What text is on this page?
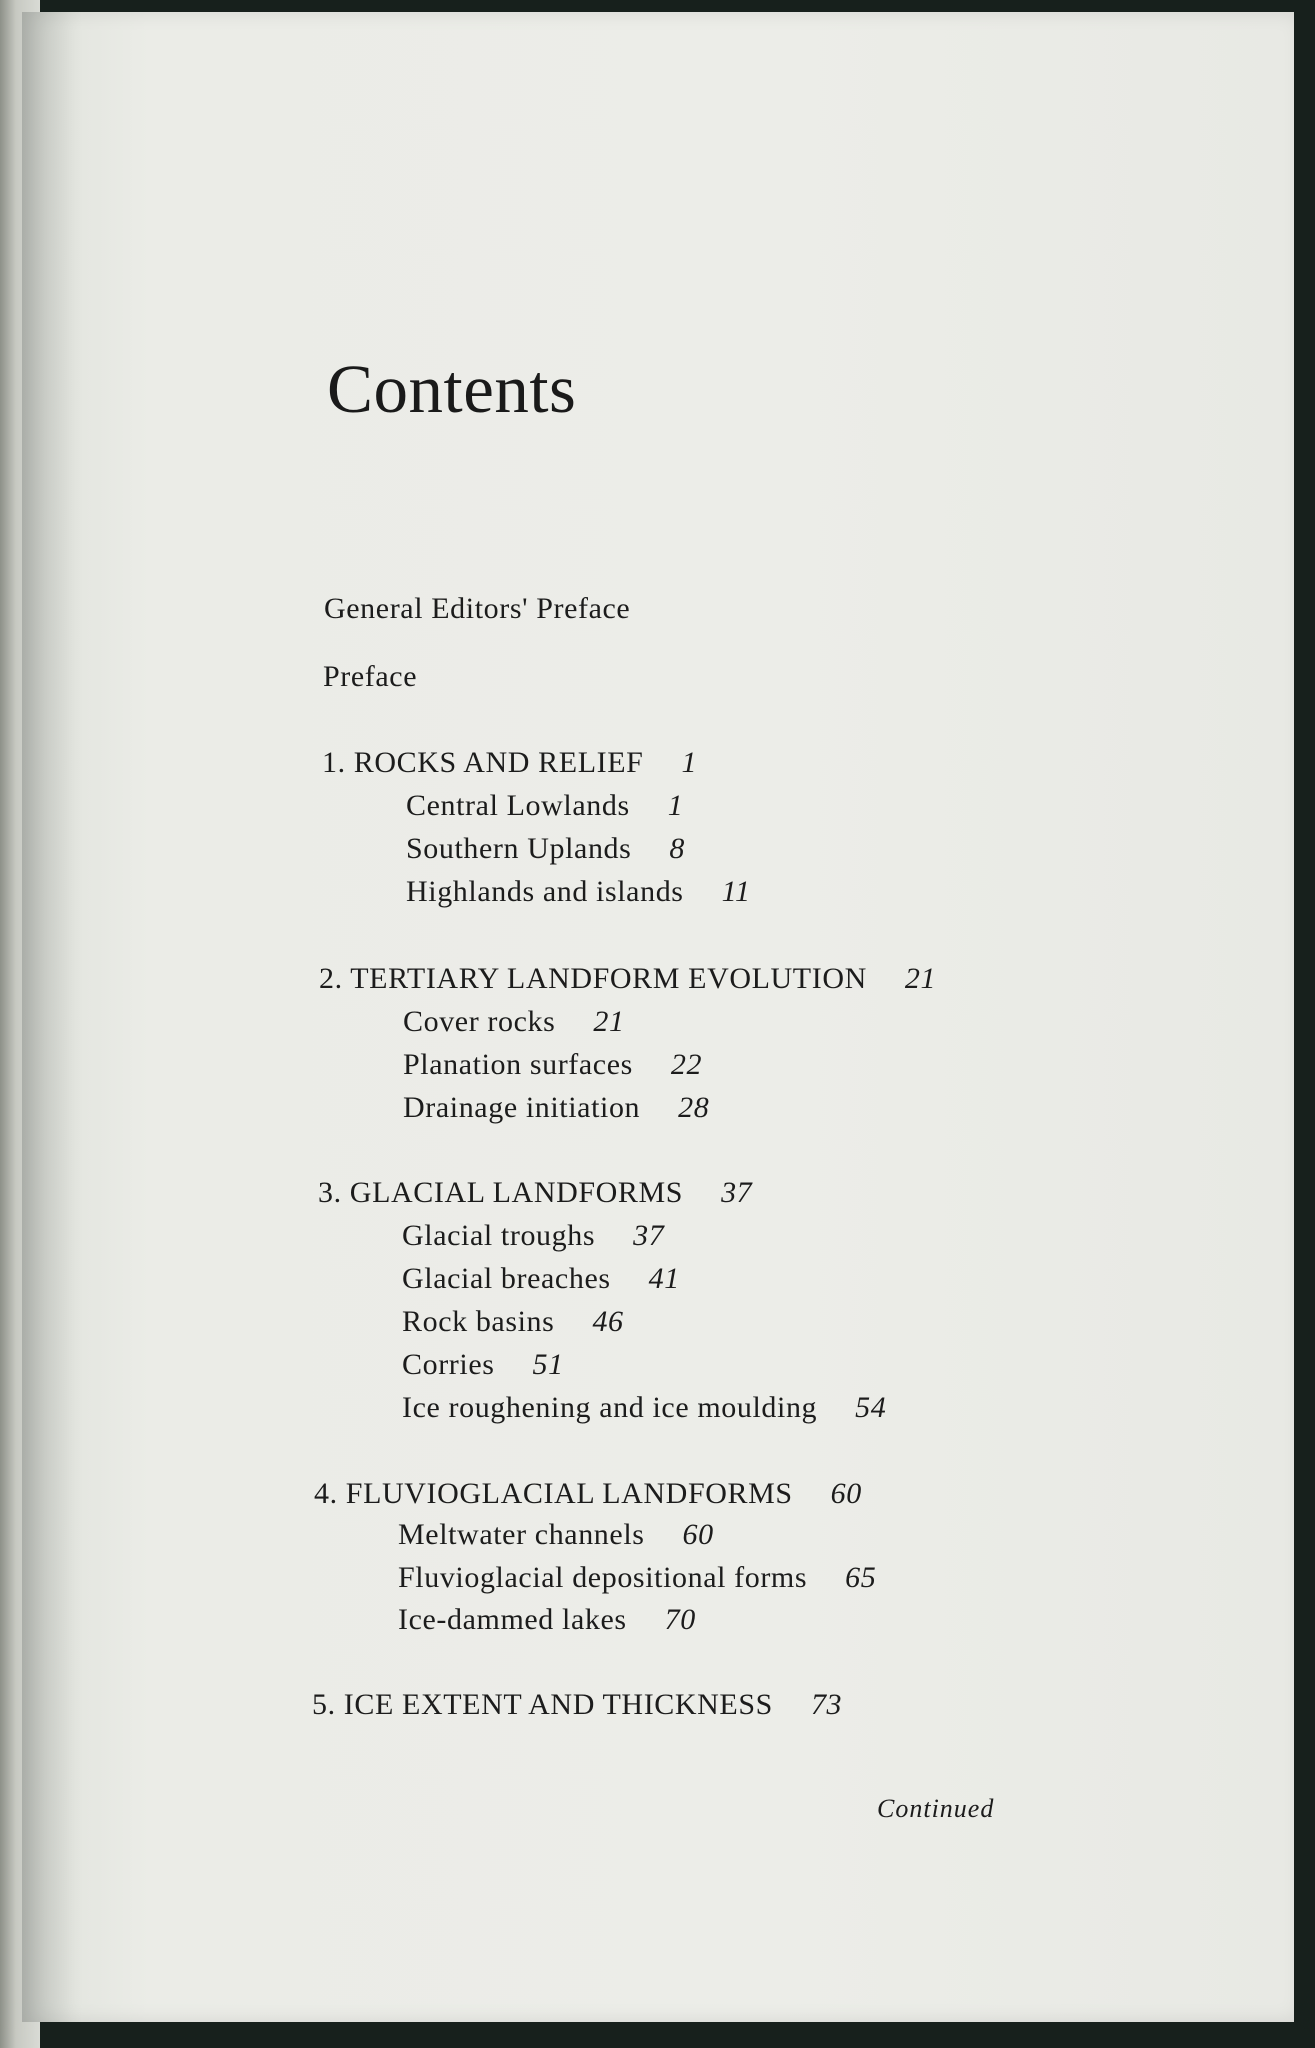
Contents
General Editors' Preface
Preface
1. ROCKS AND RELIEF 1
Central Lowlands 1
Southern Uplands 8
Highlands and islands 11
2. TERTIARY LANDFORM EVOLUTION 21
Cover rocks 21
Planation surfaces 22
Drainage initiation 28
3. GLACIAL LANDFORMS 37
Glacial troughs 37
Glacial breaches 41
Rock basins 46
Corries 51
Ice roughening and ice moulding 54
4. FLUVIOGLACIAL LANDFORMS 60
Meltwater channels 60
Fluvioglacial depositional forms 65
Ice-dammed lakes 70
5. ICE EXTENT AND THICKNESS 73
Continued
